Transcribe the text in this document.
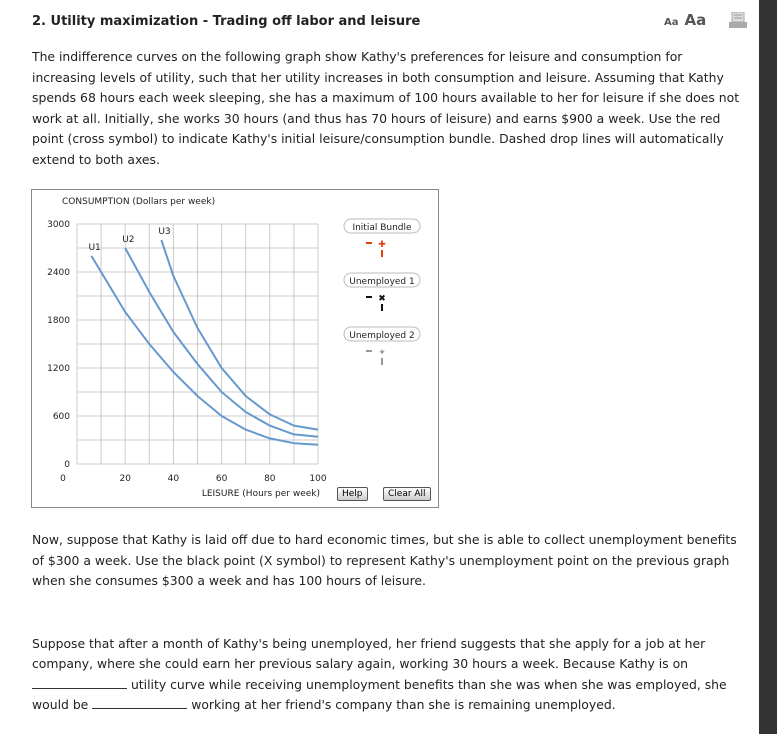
2. Utility maximization - Trading off labor and leisure	Aa Aa

The indifference curves on the following graph show Kathy's preferences for leisure and consumption for increasing levels of utility, such that her utility increases in both consumption and leisure. Assuming that Kathy spends 68 hours each week sleeping, she has a maximum of 100 hours available to her for leisure if she does not work at all. Initially, she works 30 hours (and thus has 70 hours of leisure) and earns $900 a week. Use the red point (cross symbol) to indicate Kathy's initial leisure/consumption bundle. Dashed drop lines will automatically extend to both axes.

CONSUMPTION (Dollars per week)
LEISURE (Hours per week)
0	20	40	60	80	100
0
600
1200
1800
2400
3000
U1
U2
U3	Initial Bundle
✚
Unemployed 1
✖
Unemployed 2
✦
Help	Clear All

Now, suppose that Kathy is laid off due to hard economic times, but she is able to collect unemployment benefits of $300 a week. Use the black point (X symbol) to represent Kathy's unemployment point on the previous graph when she consumes $300 a week and has 100 hours of leisure.

Suppose that after a month of Kathy's being unemployed, her friend suggests that she apply for a job at her company, where she could earn her previous salary again, working 30 hours a week. Because Kathy is on
utility curve while receiving unemployment benefits than she was when she was employed, she
would be	working at her friend's company than she is remaining unemployed.
